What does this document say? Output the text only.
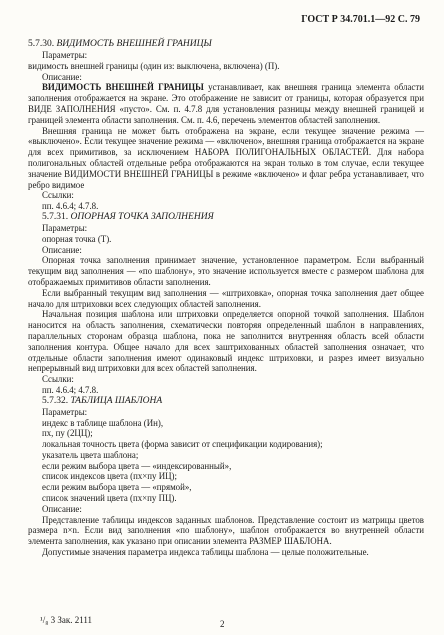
ГОСТ Р 34.701.1—92 С. 79
5.7.30. ВИДИМОСТЬ ВНЕШНЕЙ ГРАНИЦЫ

Параметры:

видимость внешней границы (один из: выключена, включена) (П).

Описание:

ВИДИМОСТЬ ВНЕШНЕЙ ГРАНИЦЫ устанавливает, как внешняя граница элемента области заполнения отображается на экране. Это отображение не зависит от границы, которая образуется при ВИДЕ ЗАПОЛНЕНИЯ «пусто». См. п. 4.7.8 для установления разницы между внешней границей и границей элемента области заполнения. См. п. 4.6, перечень элементов областей заполнения.

Внешняя граница не может быть отображена на экране, если текущее значение режима — «выключено». Если текущее значение режима — «включено», внешняя граница отображается на экране для всех примитивов, за исключением НАБОРА ПОЛИГОНАЛЬНЫХ ОБЛАСТЕЙ. Для набора полигональных областей отдельные ребра отображаются на экран только в том случае, если текущее значение ВИДИМОСТИ ВНЕШНЕЙ ГРАНИЦЫ в режиме «включено» и флаг ребра устанавливает, что ребро видимое

Ссылки:

пп. 4.6.4; 4.7.8.

5.7.31. ОПОРНАЯ ТОЧКА ЗАПОЛНЕНИЯ

Параметры:

опорная точка (Т).

Описание:

Опорная точка заполнения принимает значение, установленное параметром. Если выбранный текущим вид заполнения — «по шаблону», это значение используется вместе с размером шаблона для отображаемых примитивов области заполнения.

Если выбранный текущим вид заполнения — «штриховка», опорная точка заполнения дает общее начало для штриховки всех следующих областей заполнения.

Начальная позиция шаблона или штриховки определяется опорной точкой заполнения. Шаблон наносится на область заполнения, схематически повторяя определенный шаблон в направлениях, параллельных сторонам образца шаблона, пока не заполнится внутренняя область всей области заполнения контура. Общее начало для всех заштрихованных областей заполнения означает, что отдельные области заполнения имеют одинаковый индекс штриховки, и разрез имеет визуально непрерывный вид штриховки для всех областей заполнения.

Ссылки:

пп. 4.6.4; 4.7.8.

5.7.32. ТАБЛИЦА ШАБЛОНА

Параметры:

индекс в таблице шаблона (Ин),

пх, пу (2ЦЦ);

локальная точность цвета (форма зависит от спецификации кодирования);

указатель цвета шаблона;

если режим выбора цвета — «индексированный»,

список индексов цвета (пх×пу ИЦ);

если режим выбора цвета — «прямой»,

список значений цвета (пх×пу ПЦ).

Описание:

Представление таблицы индексов заданных шаблонов. Представление состоит из матрицы цветов размера n×n. Если вид заполнения «по шаблону», шаблон отображается во внутренней области элемента заполнения, как указано при описании элемента РАЗМЕР ШАБЛОНА.

Допустимые значения параметра индекса таблицы шаблона — целые положительные.

¹/₈ 3 Зак. 2111	2
